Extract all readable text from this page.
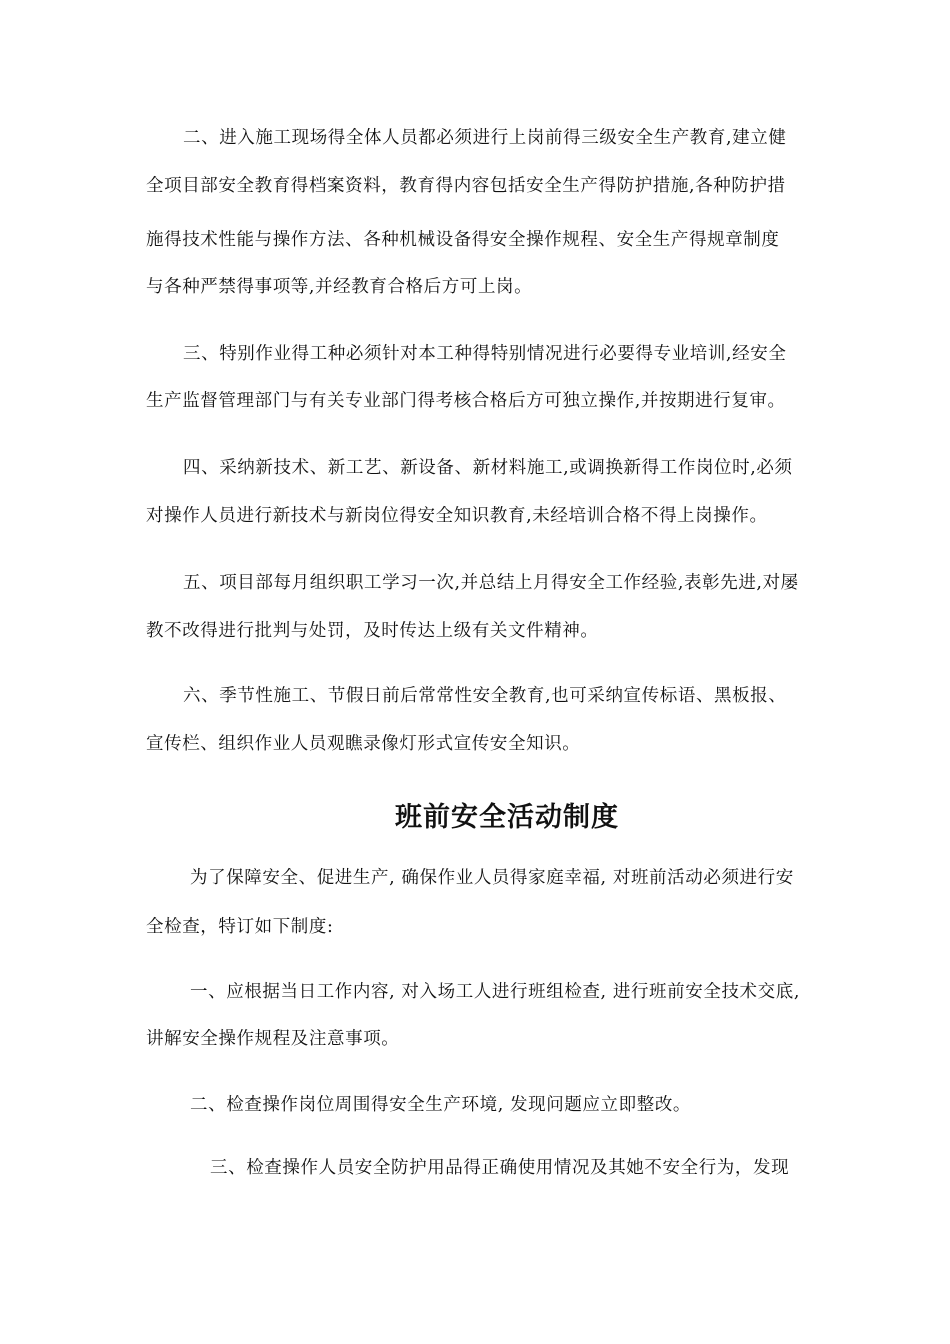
二、进入施工现场得全体人员都必须进行上岗前得三级安全生产教育,建立健
全项目部安全教育得档案资料，教育得内容包括安全生产得防护措施,各种防护措
施得技术性能与操作方法、各种机械设备得安全操作规程、安全生产得规章制度
与各种严禁得事项等,并经教育合格后方可上岗。
三、特别作业得工种必须针对本工种得特别情况进行必要得专业培训,经安全
生产监督管理部门与有关专业部门得考核合格后方可独立操作,并按期进行复审。
四、采纳新技术、新工艺、新设备、新材料施工,或调换新得工作岗位时,必须
对操作人员进行新技术与新岗位得安全知识教育,未经培训合格不得上岗操作。
五、项目部每月组织职工学习一次,并总结上月得安全工作经验,表彰先进,对屡
教不改得进行批判与处罚，及时传达上级有关文件精神。
六、季节性施工、节假日前后常常性安全教育,也可采纳宣传标语、黑板报、
宣传栏、组织作业人员观瞧录像灯形式宣传安全知识。
班前安全活动制度
为了保障安全、促进生产, 确保作业人员得家庭幸福, 对班前活动必须进行安
全检查，特订如下制度:
一、应根据当日工作内容, 对入场工人进行班组检查, 进行班前安全技术交底,
讲解安全操作规程及注意事项。
二、检查操作岗位周围得安全生产环境, 发现问题应立即整改。
三、检查操作人员安全防护用品得正确使用情况及其她不安全行为，发现
